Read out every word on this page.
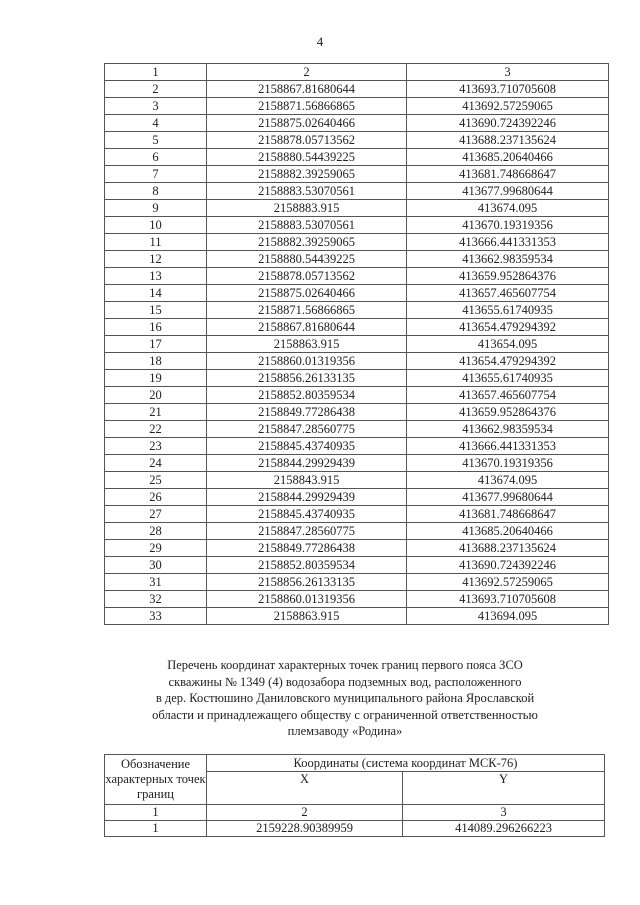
4
1	2	3
2	2158867.81680644	413693.710705608
3	2158871.56866865	413692.57259065
4	2158875.02640466	413690.724392246
5	2158878.05713562	413688.237135624
6	2158880.54439225	413685.20640466
7	2158882.39259065	413681.748668647
8	2158883.53070561	413677.99680644
9	2158883.915	413674.095
10	2158883.53070561	413670.19319356
11	2158882.39259065	413666.441331353
12	2158880.54439225	413662.98359534
13	2158878.05713562	413659.952864376
14	2158875.02640466	413657.465607754
15	2158871.56866865	413655.61740935
16	2158867.81680644	413654.479294392
17	2158863.915	413654.095
18	2158860.01319356	413654.479294392
19	2158856.26133135	413655.61740935
20	2158852.80359534	413657.465607754
21	2158849.77286438	413659.952864376
22	2158847.28560775	413662.98359534
23	2158845.43740935	413666.441331353
24	2158844.29929439	413670.19319356
25	2158843.915	413674.095
26	2158844.29929439	413677.99680644
27	2158845.43740935	413681.748668647
28	2158847.28560775	413685.20640466
29	2158849.77286438	413688.237135624
30	2158852.80359534	413690.724392246
31	2158856.26133135	413692.57259065
32	2158860.01319356	413693.710705608
33	2158863.915	413694.095
Перечень координат характерных точек границ первого пояса ЗСО
скважины № 1349 (4) водозабора подземных вод, расположенного
в дер. Костюшино Даниловского муниципального района Ярославской
области и принадлежащего обществу с ограниченной ответственностью
племзаводу «Родина»
Обозначение характерных точек границ	Координаты (система координат МСК-76)	
	X	Y
1	2	3
1	2159228.90389959	414089.296266223
